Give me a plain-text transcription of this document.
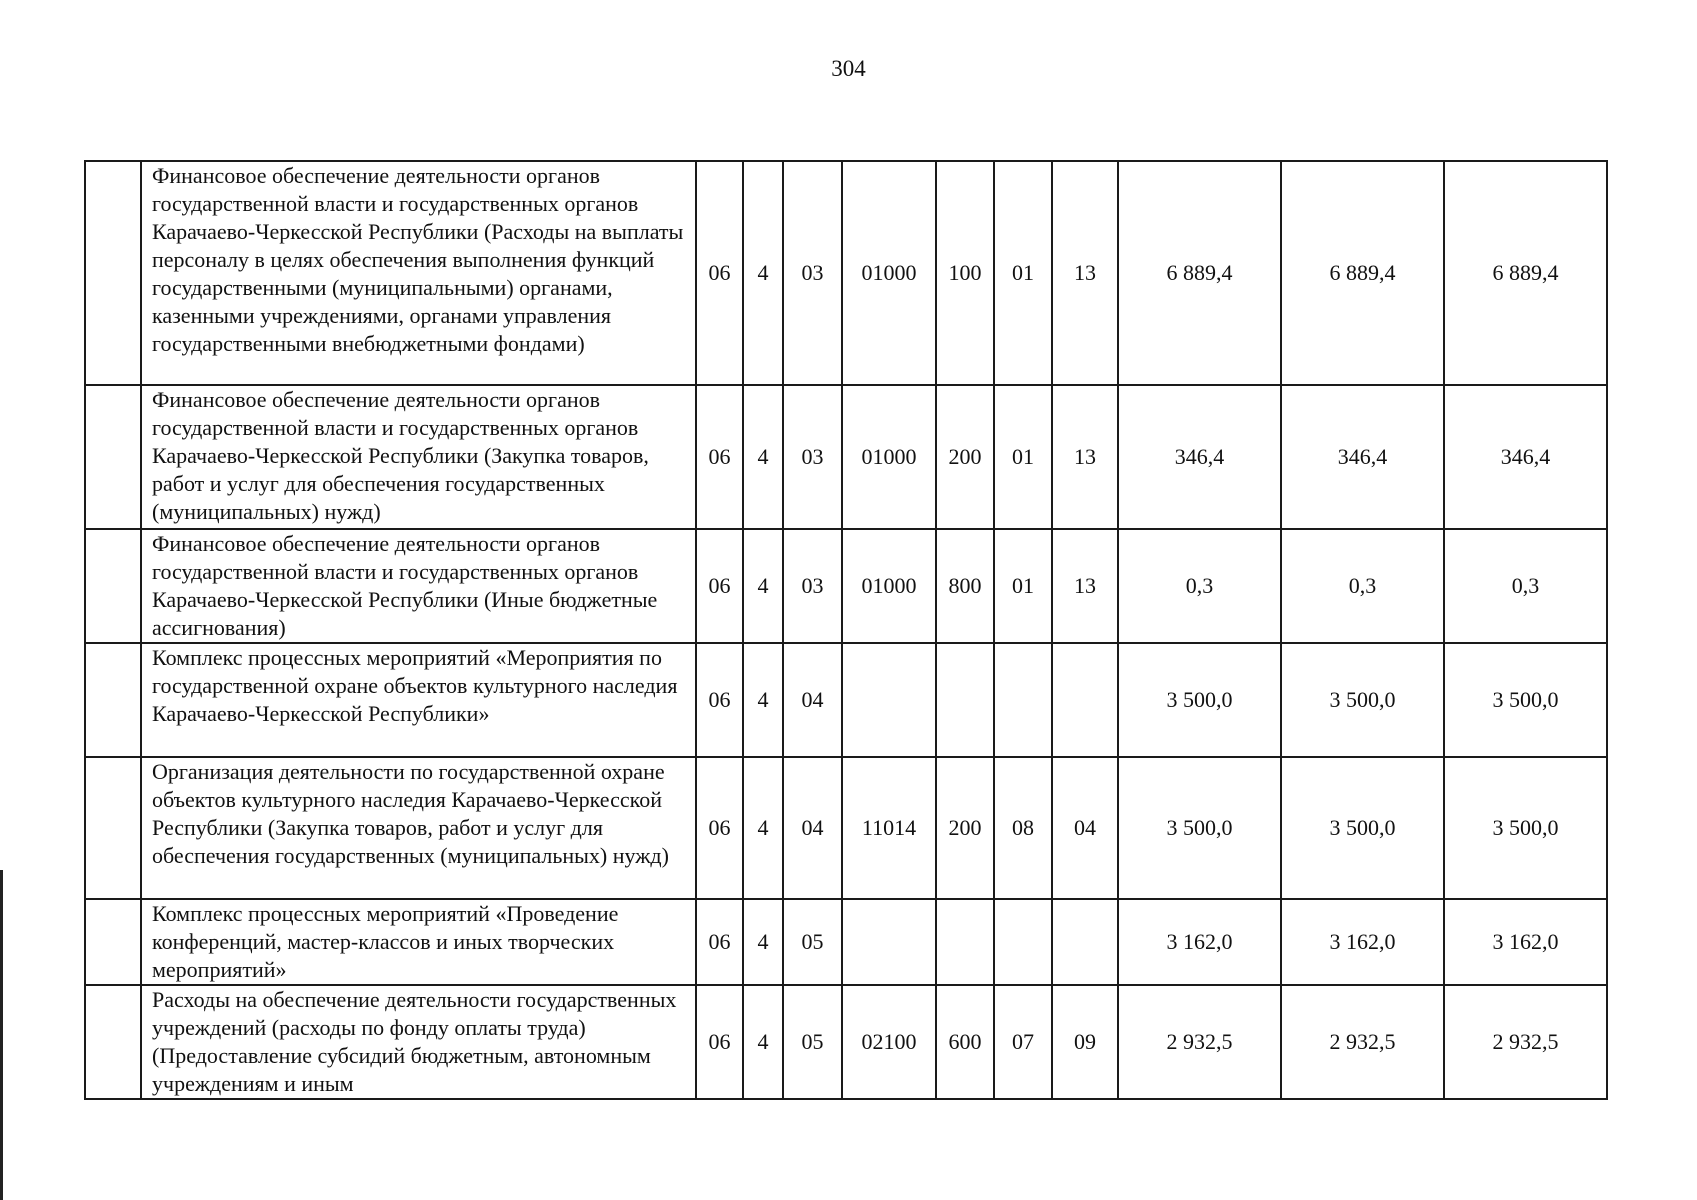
304
	Финансовое обеспечение деятельности органов государственной власти и государственных органов Карачаево-Черкесской Республики (Расходы на выплаты персоналу в целях обеспечения выполнения функций государственными (муниципальными) органами, казенными учреждениями, органами управления государственными внебюджетными фондами)	06	4	03	01000	100	01	13	6 889,4	6 889,4	6 889,4
	Финансовое обеспечение деятельности органов государственной власти и государственных органов Карачаево-Черкесской Республики (Закупка товаров, работ и услуг для обеспечения государственных (муниципальных) нужд)	06	4	03	01000	200	01	13	346,4	346,4	346,4
	Финансовое обеспечение деятельности органов государственной власти и государственных органов Карачаево-Черкесской Республики (Иные бюджетные ассигнования)	06	4	03	01000	800	01	13	0,3	0,3	0,3
	Комплекс процессных мероприятий «Мероприятия по государственной охране объектов культурного наследия Карачаево-Черкесской Республики»	06	4	04					3 500,0	3 500,0	3 500,0
	Организация деятельности по государственной охране объектов культурного наследия Карачаево-Черкесской Республики (Закупка товаров, работ и услуг для обеспечения государственных (муниципальных) нужд)	06	4	04	11014	200	08	04	3 500,0	3 500,0	3 500,0
	Комплекс процессных мероприятий «Проведение конференций, мастер-классов и иных творческих мероприятий»	06	4	05					3 162,0	3 162,0	3 162,0
	Расходы на обеспечение деятельности государственных учреждений (расходы по фонду оплаты труда) (Предоставление субсидий бюджетным, автономным учреждениям и иным	06	4	05	02100	600	07	09	2 932,5	2 932,5	2 932,5
